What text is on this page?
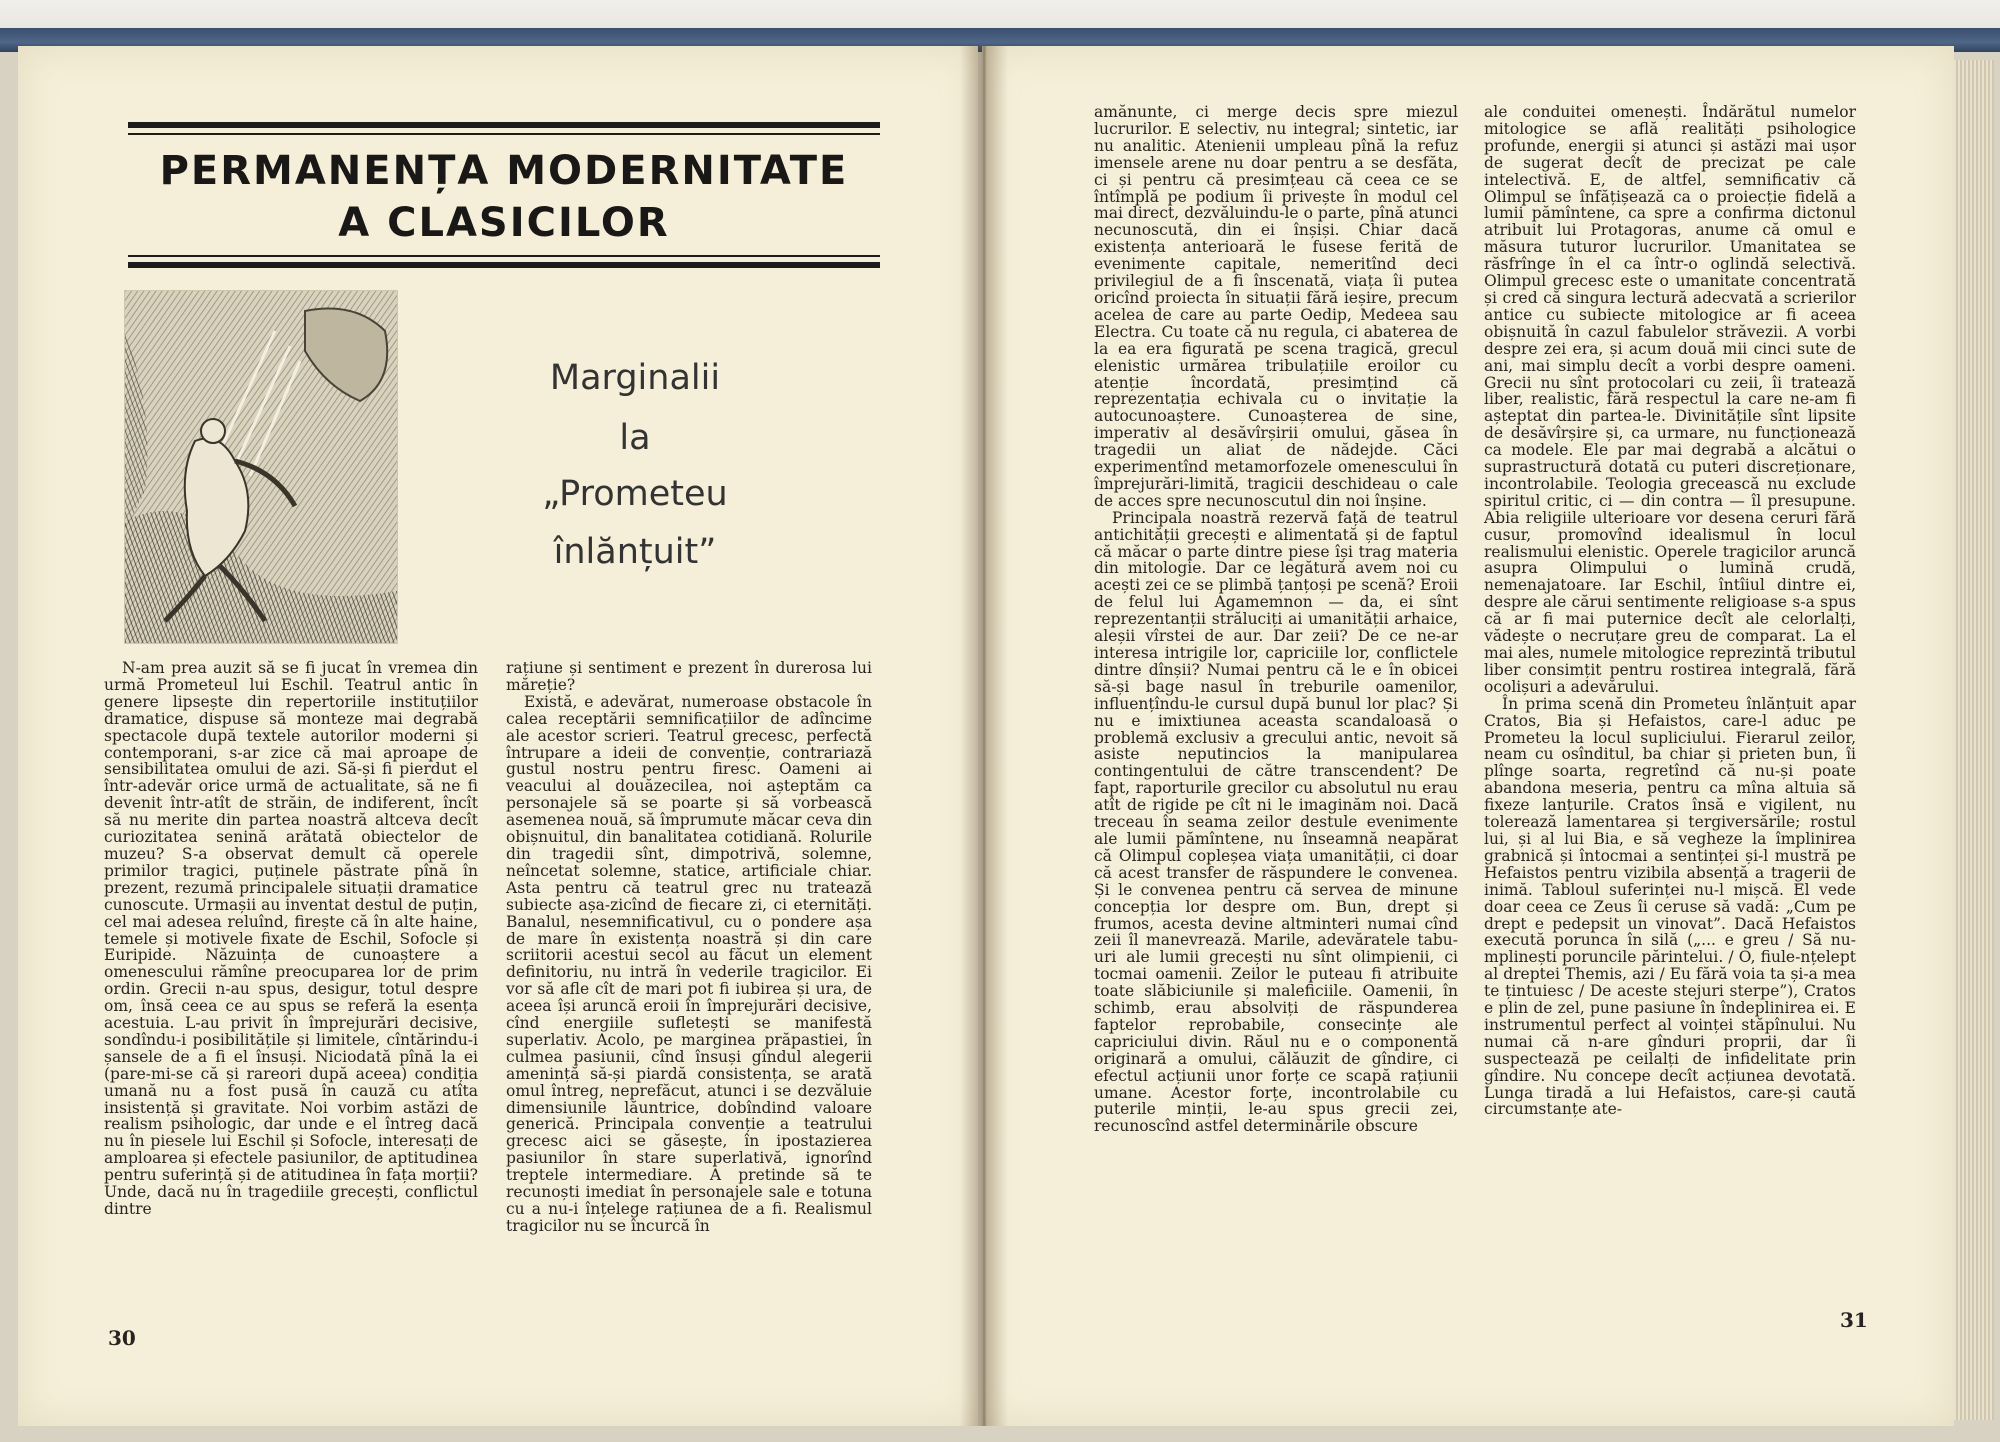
PERMANENȚA MODERNITATE
A CLASICILOR
Marginalii
la
„Prometeu
înlănțuit”

N-am prea auzit să se fi jucat în vremea din urmă Prometeul lui Eschil. Teatrul antic în genere lipsește din repertoriile instituțiilor dramatice, dispuse să monteze mai degrabă spectacole după textele autorilor moderni și contemporani, s-ar zice că mai aproape de sensibilitatea omului de azi. Să-și fi pierdut el într-adevăr orice urmă de actualitate, să ne fi devenit într-atît de străin, de indiferent, încît să nu merite din partea noastră altceva decît curiozitatea senină arătată obiectelor de muzeu? S-a observat demult că operele primilor tragici, puținele păstrate pînă în prezent, rezumă principalele situații dramatice cunoscute. Urmașii au inventat destul de puțin, cel mai adesea reluînd, firește că în alte haine, temele și motivele fixate de Eschil, Sofocle și Euripide. Năzuința de cunoaștere a omenescului rămîne preocuparea lor de prim ordin. Grecii n-au spus, desigur, totul despre om, însă ceea ce au spus se referă la esența acestuia. L-au privit în împrejurări decisive, sondîndu-i posibilitățile și limitele, cîntărindu-i șansele de a fi el însuși. Niciodată pînă la ei (pare-mi-se că și rareori după aceea) condiția umană nu a fost pusă în cauză cu atîta insistență și gravitate. Noi vorbim astăzi de realism psihologic, dar unde e el întreg dacă nu în piesele lui Eschil și Sofocle, interesați de amploarea și efectele pasiunilor, de aptitudinea pentru suferință și de atitudinea în fața morții? Unde, dacă nu în tragediile grecești, conflictul dintre

rațiune și sentiment e prezent în durerosa lui măreție?

Există, e adevărat, numeroase obstacole în calea receptării semnificațiilor de adîncime ale acestor scrieri. Teatrul grecesc, perfectă întrupare a ideii de convenție, contrariază gustul nostru pentru firesc. Oameni ai veacului al douăzecilea, noi așteptăm ca personajele să se poarte și să vorbească asemenea nouă, să împrumute măcar ceva din obișnuitul, din banalitatea cotidiană. Rolurile din tragedii sînt, dimpotrivă, solemne, neîncetat solemne, statice, artificiale chiar. Asta pentru că teatrul grec nu tratează subiecte așa-zicînd de fiecare zi, ci eternități. Banalul, nesemnificativul, cu o pondere așa de mare în existența noastră și din care scriitorii acestui secol au făcut un element definitoriu, nu intră în vederile tragicilor. Ei vor să afle cît de mari pot fi iubirea și ura, de aceea își aruncă eroii în împrejurări decisive, cînd energiile sufletești se manifestă superlativ. Acolo, pe marginea prăpastiei, în culmea pasiunii, cînd însuși gîndul alegerii amenință să-și piardă consistența, se arată omul întreg, neprefăcut, atunci i se dezvăluie dimensiunile lăuntrice, dobîndind valoare generică. Principala convenție a teatrului grecesc aici se găsește, în ipostazierea pasiunilor în stare superlativă, ignorînd treptele intermediare. A pretinde să te recunoști imediat în personajele sale e totuna cu a nu-i înțelege rațiunea de a fi. Realismul tragicilor nu se încurcă în

amănunte, ci merge decis spre miezul lucrurilor. E selectiv, nu integral; sintetic, iar nu analitic. Atenienii umpleau pînă la refuz imensele arene nu doar pentru a se desfăta, ci și pentru că presimțeau că ceea ce se întîmplă pe podium îi privește în modul cel mai direct, dezvăluindu-le o parte, pînă atunci necunoscută, din ei înșiși. Chiar dacă existența anterioară le fusese ferită de evenimente capitale, nemeritînd deci privilegiul de a fi înscenată, viața îi putea oricînd proiecta în situații fără ieșire, precum acelea de care au parte Oedip, Medeea sau Electra. Cu toate că nu regula, ci abaterea de la ea era figurată pe scena tragică, grecul elenistic urmărea tribulațiile eroilor cu atenție încordată, presimțind că reprezentația echivala cu o invitație la autocunoaștere. Cunoașterea de sine, imperativ al desăvîrșirii omului, găsea în tragedii un aliat de nădejde. Căci experimentînd metamorfozele omenescului în împrejurări-limită, tragicii deschideau o cale de acces spre necunoscutul din noi înșine.

Principala noastră rezervă față de teatrul antichității grecești e alimentată și de faptul că măcar o parte dintre piese își trag materia din mitologie. Dar ce legătură avem noi cu acești zei ce se plimbă țanțoși pe scenă? Eroii de felul lui Agamemnon — da, ei sînt reprezentanții străluciți ai umanității arhaice, aleșii vîrstei de aur. Dar zeii? De ce ne-ar interesa intrigile lor, capriciile lor, conflictele dintre dînșii? Numai pentru că le e în obicei să-și bage nasul în treburile oamenilor, influențîndu-le cursul după bunul lor plac? Și nu e imixtiunea aceasta scandaloasă o problemă exclusiv a grecului antic, nevoit să asiste neputincios la manipularea contingentului de către transcendent? De fapt, raporturile grecilor cu absolutul nu erau atît de rigide pe cît ni le imaginăm noi. Dacă treceau în seama zeilor destule evenimente ale lumii pămîntene, nu înseamnă neapărat că Olimpul copleșea viața umanității, ci doar că acest transfer de răspundere le convenea. Și le convenea pentru că servea de minune concepția lor despre om. Bun, drept și frumos, acesta devine altminteri numai cînd zeii îl manevrează. Marile, adevăratele tabu-uri ale lumii grecești nu sînt olimpienii, ci tocmai oamenii. Zeilor le puteau fi atribuite toate slăbiciunile și maleficiile. Oamenii, în schimb, erau absolviți de răspunderea faptelor reprobabile, consecințe ale capriciului divin. Răul nu e o componentă originară a omului, călăuzit de gîndire, ci efectul acțiunii unor forțe ce scapă rațiunii umane. Acestor forțe, incontrolabile cu puterile minții, le-au spus grecii zei, recunoscînd astfel determinările obscure

ale conduitei omenești. Îndărătul numelor mitologice se află realități psihologice profunde, energii și atunci și astăzi mai ușor de sugerat decît de precizat pe cale intelectivă. E, de altfel, semnificativ că Olimpul se înfățișează ca o proiecție fidelă a lumii pămîntene, ca spre a confirma dictonul atribuit lui Protagoras, anume că omul e măsura tuturor lucrurilor. Umanitatea se răsfrînge în el ca într-o oglindă selectivă. Olimpul grecesc este o umanitate concentrată și cred că singura lectură adecvată a scrierilor antice cu subiecte mitologice ar fi aceea obișnuită în cazul fabulelor străvezii. A vorbi despre zei era, și acum două mii cinci sute de ani, mai simplu decît a vorbi despre oameni. Grecii nu sînt protocolari cu zeii, îi tratează liber, realistic, fără respectul la care ne-am fi așteptat din partea-le. Divinitățile sînt lipsite de desăvîrșire și, ca urmare, nu funcționează ca modele. Ele par mai degrabă a alcătui o suprastructură dotată cu puteri discreționare, incontrolabile. Teologia grecească nu exclude spiritul critic, ci — din contra — îl presupune. Abia religiile ulterioare vor desena ceruri fără cusur, promovînd idealismul în locul realismului elenistic. Operele tragicilor aruncă asupra Olimpului o lumină crudă, nemenajatoare. Iar Eschil, întîiul dintre ei, despre ale cărui sentimente religioase s-a spus că ar fi mai puternice decît ale celorlalți, vădește o necruțare greu de comparat. La el mai ales, numele mitologice reprezintă tributul liber consimțit pentru rostirea integrală, fără ocolișuri a adevărului.

În prima scenă din Prometeu înlănțuit apar Cratos, Bia și Hefaistos, care-l aduc pe Prometeu la locul supliciului. Fierarul zeilor, neam cu osînditul, ba chiar și prieten bun, îi plînge soarta, regretînd că nu-și poate abandona meseria, pentru ca mîna altuia să fixeze lanțurile. Cratos însă e vigilent, nu tolerează lamentarea și tergiversările; rostul lui, și al lui Bia, e să vegheze la împlinirea grabnică și întocmai a sentinței și-l mustră pe Hefaistos pentru vizibila absență a tragerii de inimă. Tabloul suferinței nu-l mișcă. El vede doar ceea ce Zeus îi ceruse să vadă: „Cum pe drept e pedepsit un vinovat”. Dacă Hefaistos execută porunca în silă („... e greu / Să nu-mplinești poruncile părintelui. / O, fiule-nțelept al dreptei Themis, azi / Eu fără voia ta și-a mea te țintuiesc / De aceste stejuri sterpe”), Cratos e plin de zel, pune pasiune în îndeplinirea ei. E instrumentul perfect al voinței stăpînului. Nu numai că n-are gînduri proprii, dar îi suspectează pe ceilalți de infidelitate prin gîndire. Nu concepe decît acțiunea devotată. Lunga tiradă a lui Hefaistos, care-și caută circumstanțe ate-

30
31
